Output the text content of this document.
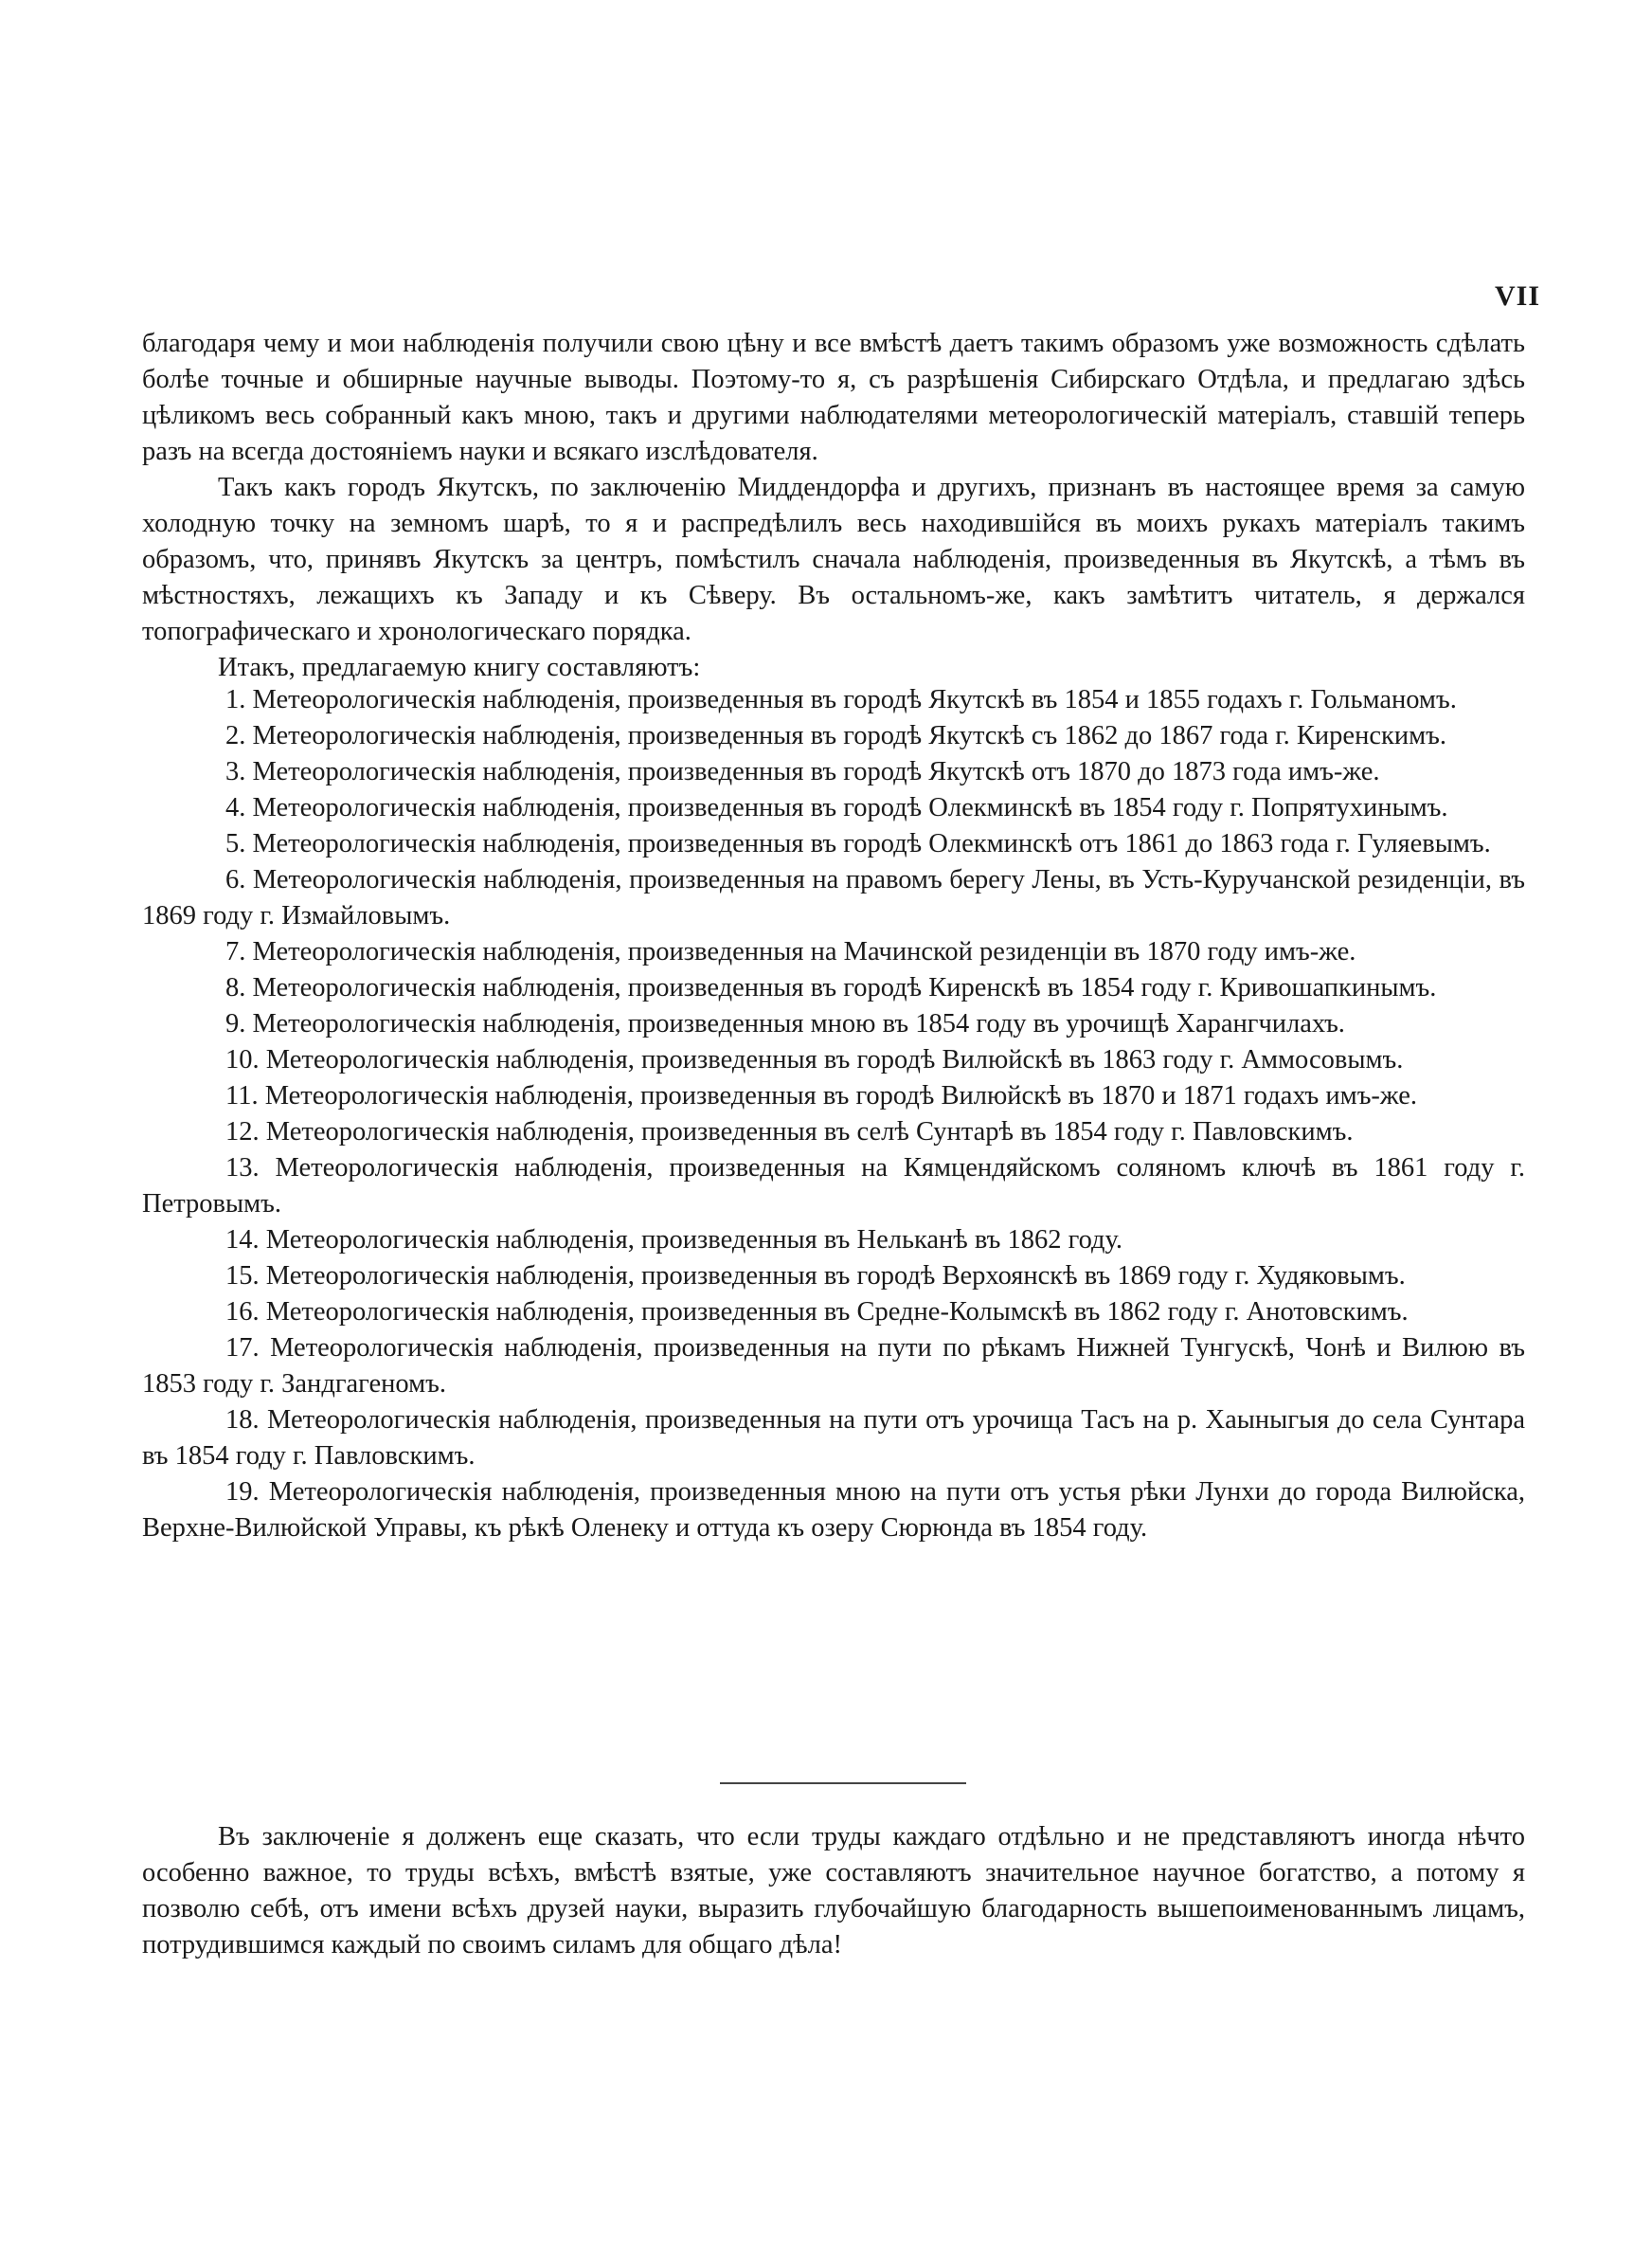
VII

благодаря чему и мои наблюденія получили свою цѣну и все вмѣстѣ даетъ такимъ образомъ уже возможность сдѣлать болѣе точные и обширные научные выводы. Поэтому-то я, съ разрѣшенія Сибирскаго Отдѣла, и предлагаю здѣсь цѣликомъ весь собранный какъ мною, такъ и другими наблюдателями метеорологическій матеріалъ, ставшій теперь разъ на всегда достояніемъ науки и всякаго изслѣдователя.

Такъ какъ городъ Якутскъ, по заключенію Миддендорфа и другихъ, признанъ въ настоящее время за самую холодную точку на земномъ шарѣ, то я и распредѣлилъ весь находившійся въ моихъ рукахъ матеріалъ такимъ образомъ, что, принявъ Якутскъ за центръ, помѣстилъ сначала наблюденія, произведенныя въ Якутскѣ, а тѣмъ въ мѣстностяхъ, лежащихъ къ Западу и къ Сѣверу. Въ остальномъ-же, какъ замѣтитъ читатель, я держался топографическаго и хронологическаго порядка.

Итакъ, предлагаемую книгу составляютъ:

1. Метеорологическія наблюденія, произведенныя въ городѣ Якутскѣ въ 1854 и 1855 годахъ г. Гольманомъ.

2. Метеорологическія наблюденія, произведенныя въ городѣ Якутскѣ съ 1862 до 1867 года г. Киренскимъ.

3. Метеорологическія наблюденія, произведенныя въ городѣ Якутскѣ отъ 1870 до 1873 года имъ-же.

4. Метеорологическія наблюденія, произведенныя въ городѣ Олекминскѣ въ 1854 году г. Попрятухинымъ.

5. Метеорологическія наблюденія, произведенныя въ городѣ Олекминскѣ отъ 1861 до 1863 года г. Гуляевымъ.

6. Метеорологическія наблюденія, произведенныя на правомъ берегу Лены, въ Усть-Куручанской резиденціи, въ 1869 году г. Измайловымъ.

7. Метеорологическія наблюденія, произведенныя на Мачинской резиденціи въ 1870 году имъ-же.

8. Метеорологическія наблюденія, произведенныя въ городѣ Киренскѣ въ 1854 году г. Кривошапкинымъ.

9. Метеорологическія наблюденія, произведенныя мною въ 1854 году въ урочищѣ Харангчилахъ.

10. Метеорологическія наблюденія, произведенныя въ городѣ Вилюйскѣ въ 1863 году г. Аммосовымъ.

11. Метеорологическія наблюденія, произведенныя въ городѣ Вилюйскѣ въ 1870 и 1871 годахъ имъ-же.

12. Метеорологическія наблюденія, произведенныя въ селѣ Сунтарѣ въ 1854 году г. Павловскимъ.

13. Метеорологическія наблюденія, произведенныя на Кямцендяйскомъ соляномъ ключѣ въ 1861 году г. Петровымъ.

14. Метеорологическія наблюденія, произведенныя въ Нельканѣ въ 1862 году.

15. Метеорологическія наблюденія, произведенныя въ городѣ Верхоянскѣ въ 1869 году г. Худяковымъ.

16. Метеорологическія наблюденія, произведенныя въ Средне-Колымскѣ въ 1862 году г. Анотовскимъ.

17. Метеорологическія наблюденія, произведенныя на пути по рѣкамъ Нижней Тунгускѣ, Чонѣ и Вилюю въ 1853 году г. Зандгагеномъ.

18. Метеорологическія наблюденія, произведенныя на пути отъ урочища Тасъ на р. Хаыныгыя до села Сунтара въ 1854 году г. Павловскимъ.

19. Метеорологическія наблюденія, произведенныя мною на пути отъ устья рѣки Лунхи до города Вилюйска, Верхне-Вилюйской Управы, къ рѣкѣ Оленеку и оттуда къ озеру Сюрюнда въ 1854 году.

Въ заключеніе я долженъ еще сказать, что если труды каждаго отдѣльно и не представляютъ иногда нѣчто особенно важное, то труды всѣхъ, вмѣстѣ взятые, уже составляютъ значительное научное богатство, а потому я позволю себѣ, отъ имени всѣхъ друзей науки, выразить глубочайшую благодарность вышепоименованнымъ лицамъ, потрудившимся каждый по своимъ силамъ для общаго дѣла!
